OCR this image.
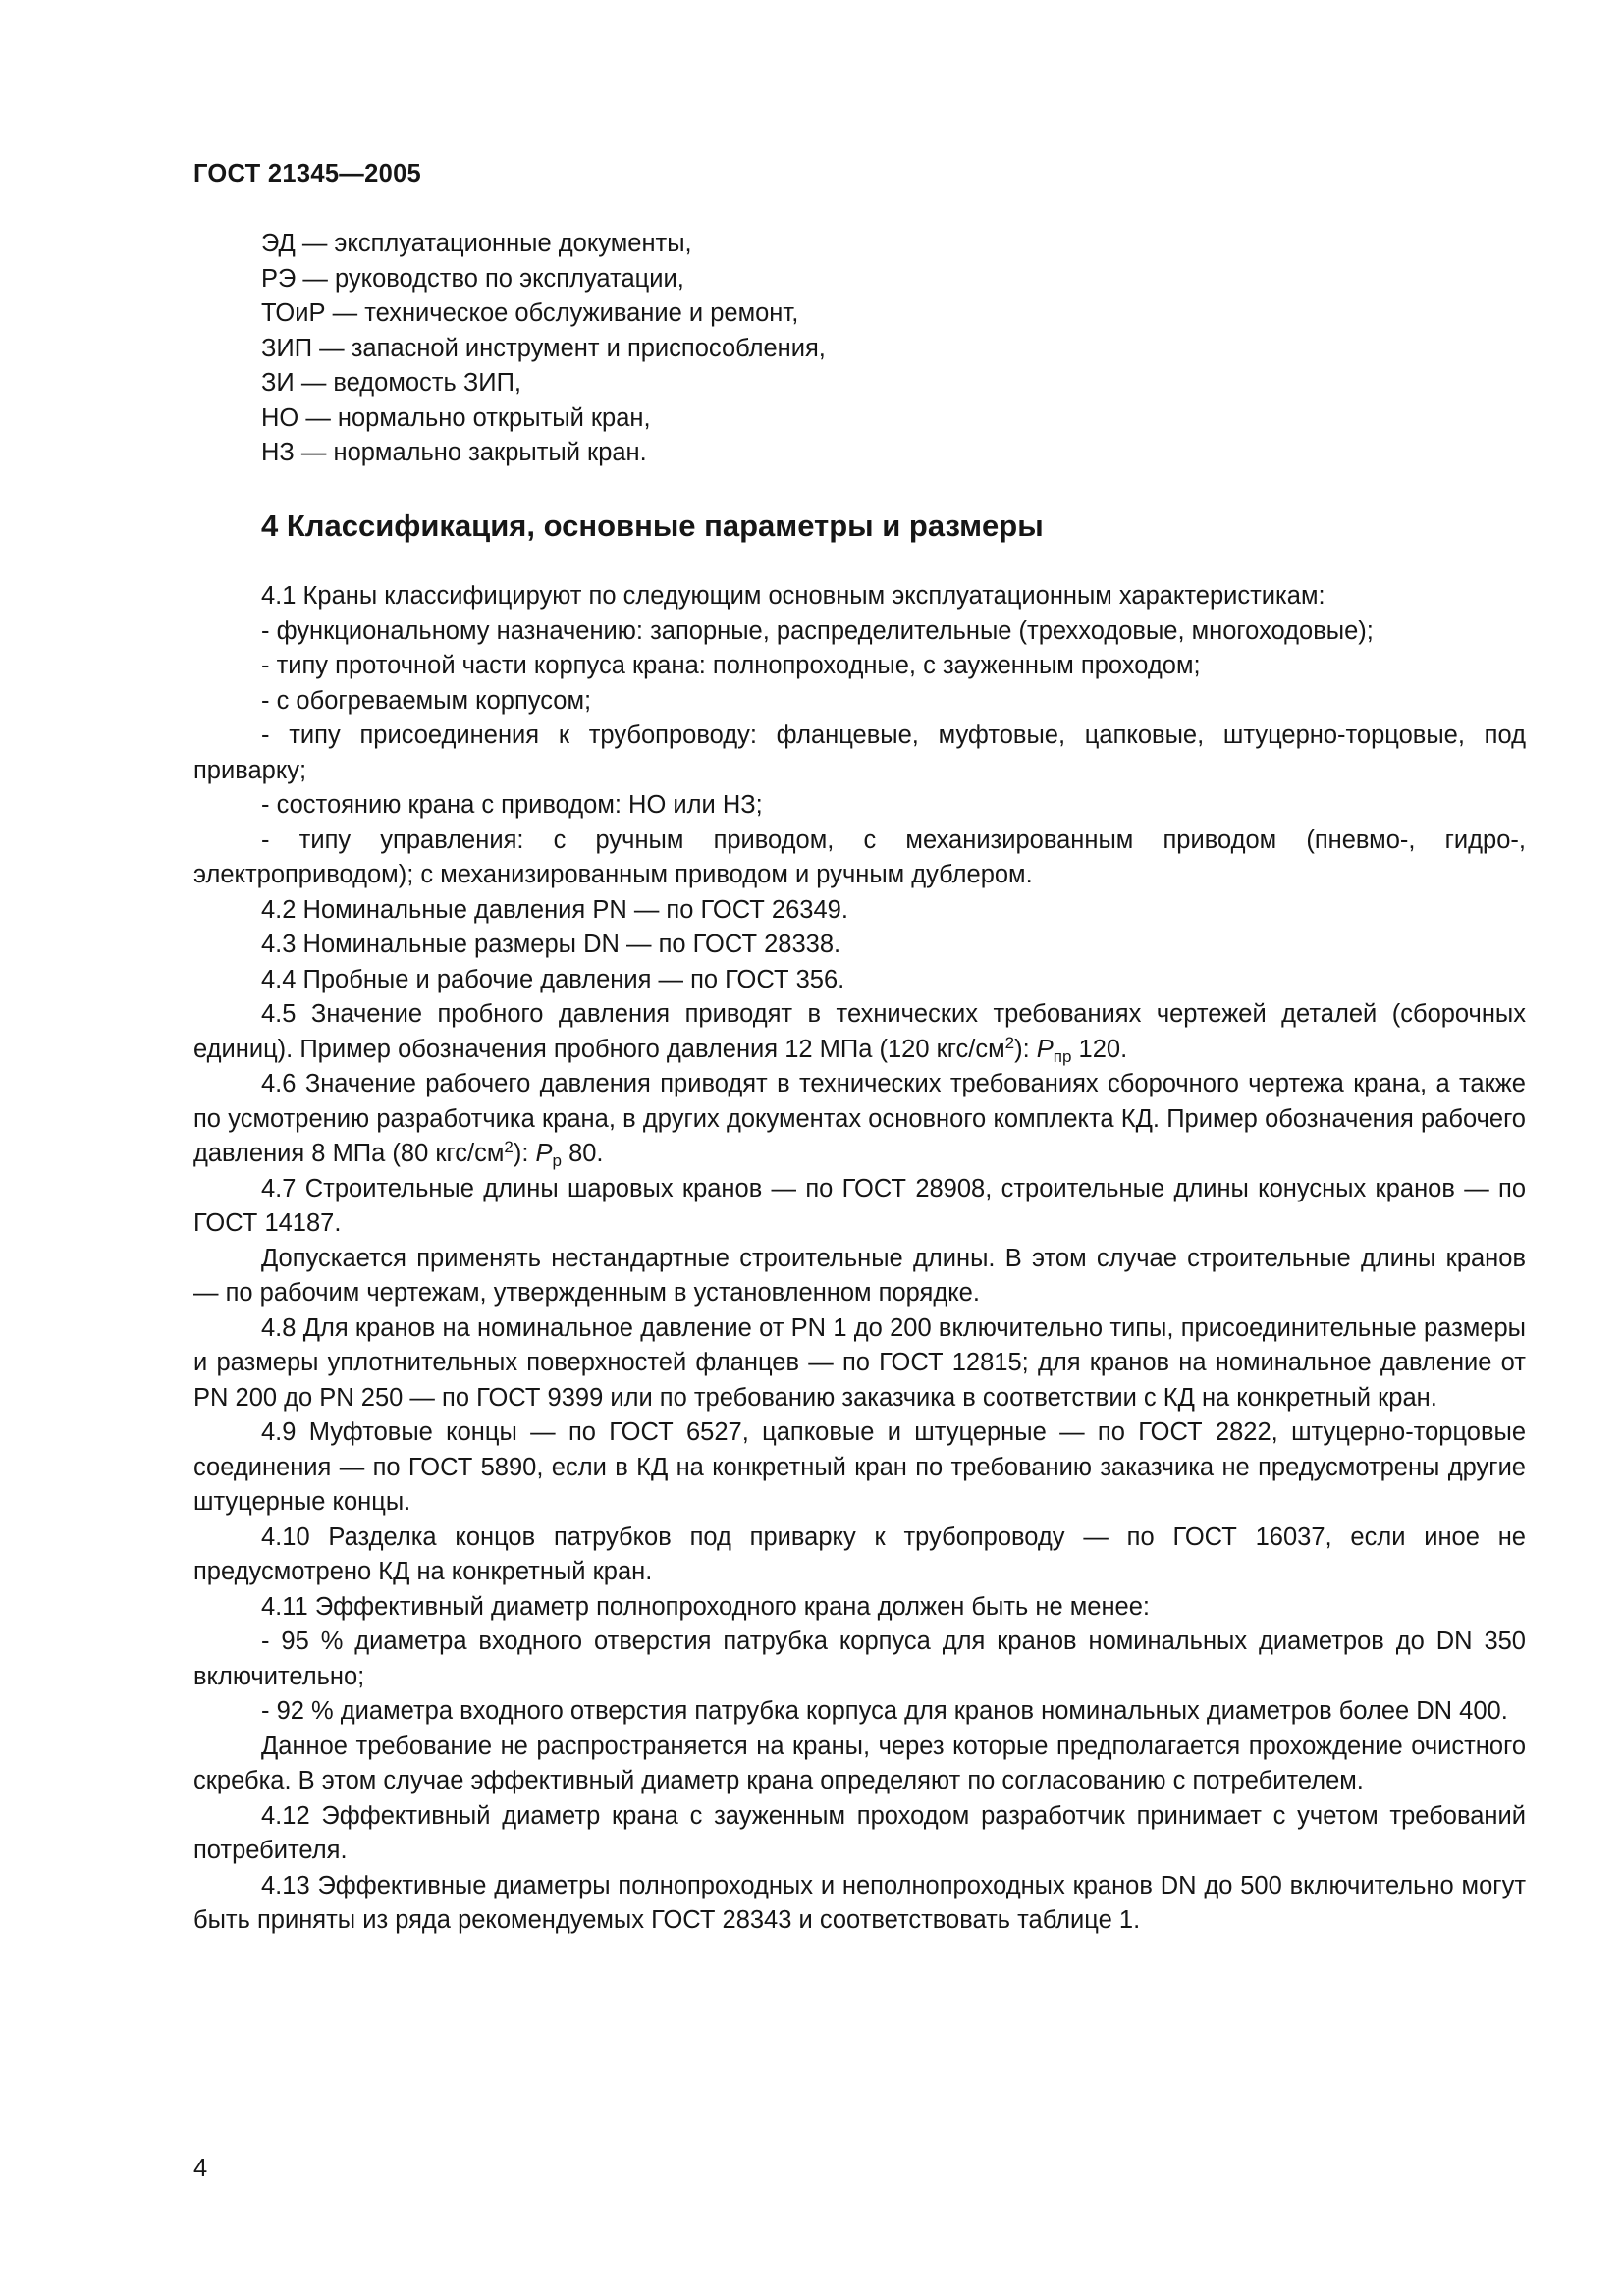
ГОСТ 21345—2005
ЭД — эксплуатационные документы,
РЭ — руководство по эксплуатации,
ТОиР — техническое обслуживание и ремонт,
ЗИП — запасной инструмент и приспособления,
ЗИ — ведомость ЗИП,
НО — нормально открытый кран,
НЗ — нормально закрытый кран.
4 Классификация, основные параметры и размеры

4.1 Краны классифицируют по следующим основным эксплуатационным характеристикам:

- функциональному назначению: запорные, распределительные (трехходовые, многоходовые);

- типу проточной части корпуса крана: полнопроходные, с зауженным проходом;

- с обогреваемым корпусом;

- типу присоединения к трубопроводу: фланцевые, муфтовые, цапковые, штуцерно-торцовые, под приварку;

- состоянию крана с приводом: НО или НЗ;

- типу управления: с ручным приводом, с механизированным приводом (пневмо-, гидро-, электроприводом); с механизированным приводом и ручным дублером.

4.2 Номинальные давления PN — по ГОСТ 26349.

4.3 Номинальные размеры DN — по ГОСТ 28338.

4.4 Пробные и рабочие давления — по ГОСТ 356.

4.5 Значение пробного давления приводят в технических требованиях чертежей деталей (сборочных единиц). Пример обозначения пробного давления 12 МПа (120 кгс/$см^2$): $P_{пр}$ 120.

4.6 Значение рабочего давления приводят в технических требованиях сборочного чертежа крана, а также по усмотрению разработчика крана, в других документах основного комплекта КД. Пример обозначения рабочего давления 8 МПа (80 кгс/$см^2$): $P_р$ 80.

4.7 Строительные длины шаровых кранов — по ГОСТ 28908, строительные длины конусных кранов — по ГОСТ 14187.

Допускается применять нестандартные строительные длины. В этом случае строительные длины кранов — по рабочим чертежам, утвержденным в установленном порядке.

4.8 Для кранов на номинальное давление от PN 1 до 200 включительно типы, присоединительные размеры и размеры уплотнительных поверхностей фланцев — по ГОСТ 12815; для кранов на номинальное давление от PN 200 до PN 250 — по ГОСТ 9399 или по требованию заказчика в соответствии с КД на конкретный кран.

4.9 Муфтовые концы — по ГОСТ 6527, цапковые и штуцерные — по ГОСТ 2822, штуцерно-торцовые соединения — по ГОСТ 5890, если в КД на конкретный кран по требованию заказчика не предусмотрены другие штуцерные концы.

4.10 Разделка концов патрубков под приварку к трубопроводу — по ГОСТ 16037, если иное не предусмотрено КД на конкретный кран.

4.11 Эффективный диаметр полнопроходного крана должен быть не менее:

- 95 % диаметра входного отверстия патрубка корпуса для кранов номинальных диаметров до DN 350 включительно;

- 92 % диаметра входного отверстия патрубка корпуса для кранов номинальных диаметров более DN 400.

Данное требование не распространяется на краны, через которые предполагается прохождение очистного скребка. В этом случае эффективный диаметр крана определяют по согласованию с потребителем.

4.12 Эффективный диаметр крана с зауженным проходом разработчик принимает с учетом требований потребителя.

4.13 Эффективные диаметры полнопроходных и неполнопроходных кранов DN до 500 включительно могут быть приняты из ряда рекомендуемых ГОСТ 28343 и соответствовать таблице 1.

4
